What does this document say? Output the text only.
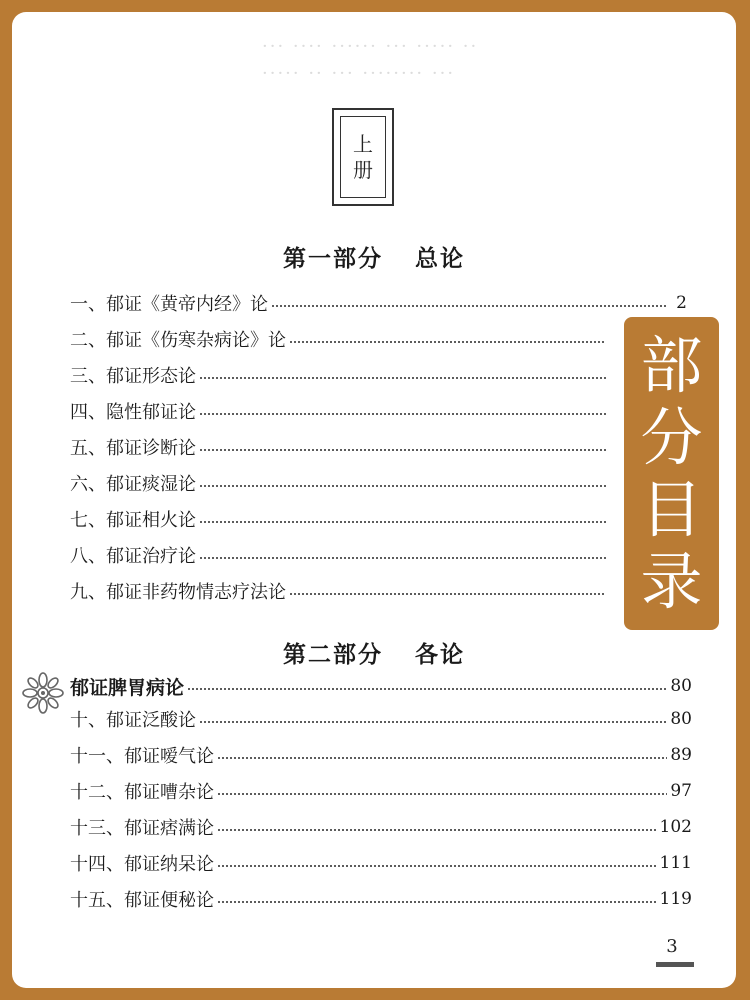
··· ···· ······ ··· ····· ··
····· ·· ··· ········ ···
上
册
第一部分 总论
一、郁证《黄帝内经》论	2
二、郁证《伤寒杂病论》论
三、郁证形态论
四、隐性郁证论
五、郁证诊断论
六、郁证痰湿论
七、郁证相火论
八、郁证治疗论
九、郁证非药物情志疗法论
第二部分 各论
郁证脾胃病论	80
十、郁证泛酸论	80
十一、郁证嗳气论	89
十二、郁证嘈杂论	97
十三、郁证痞满论	102
十四、郁证纳呆论	111
十五、郁证便秘论	119
部
分
目
录
3
